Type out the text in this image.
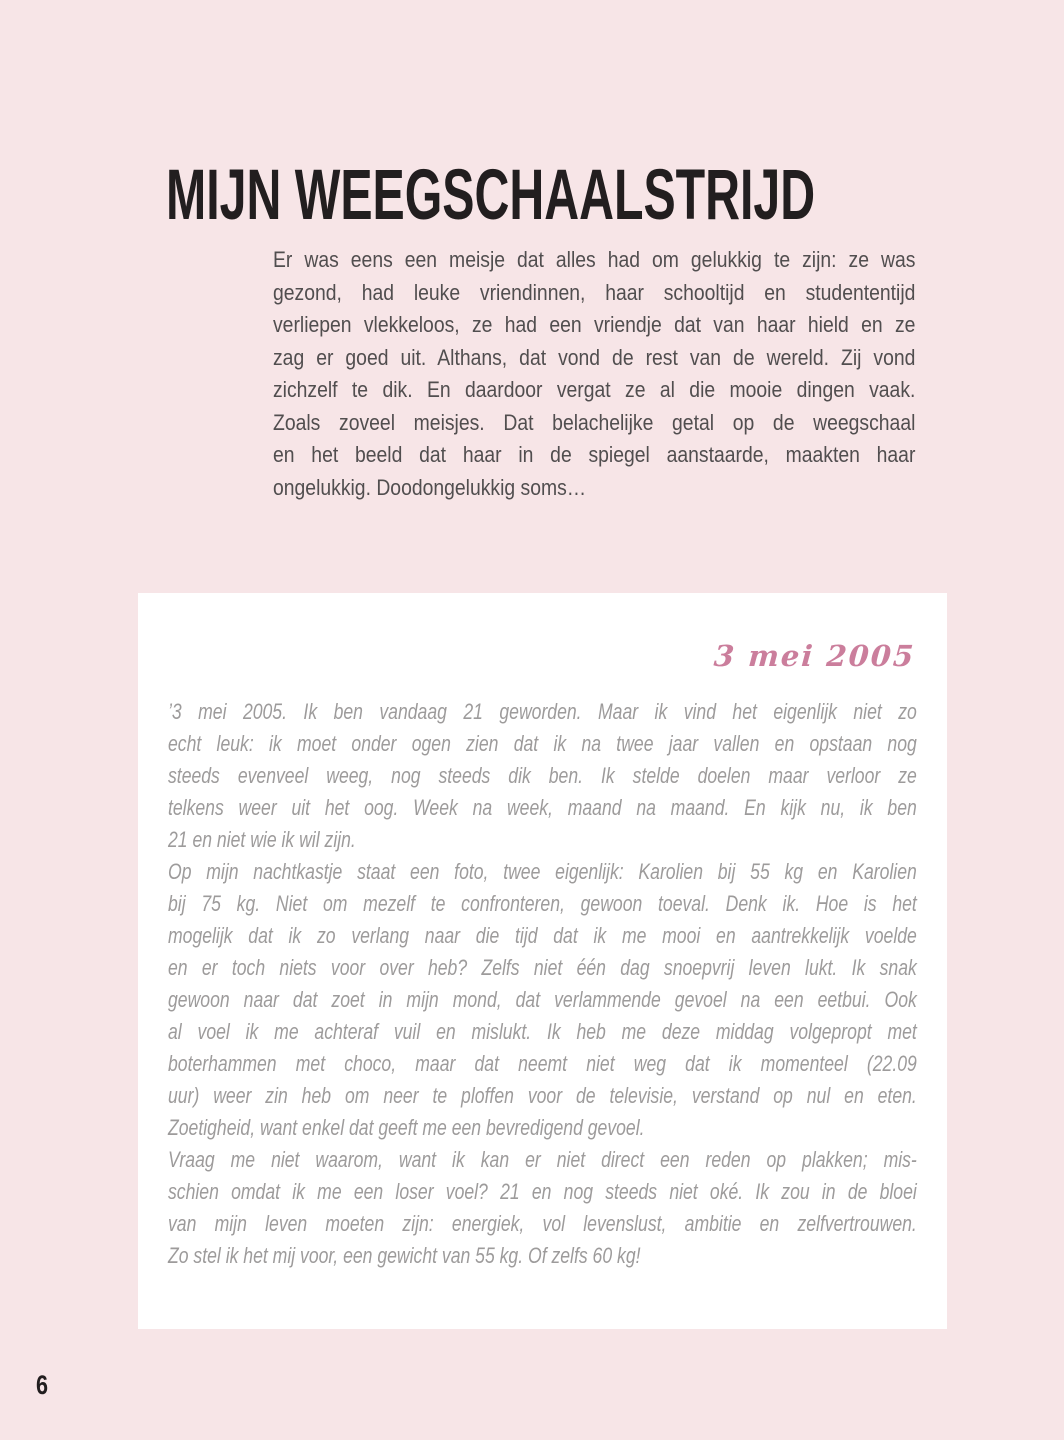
MIJN WEEGSCHAALSTRIJD
Er was eens een meisje dat alles had om gelukkig te zijn: ze was
gezond, had leuke vriendinnen, haar schooltijd en studententijd
verliepen vlekkeloos, ze had een vriendje dat van haar hield en ze
zag er goed uit. Althans, dat vond de rest van de wereld. Zij vond
zichzelf te dik. En daardoor vergat ze al die mooie dingen vaak.
Zoals zoveel meisjes. Dat belachelijke getal op de weegschaal
en het beeld dat haar in de spiegel aanstaarde, maakten haar
ongelukkig. Doodongelukkig soms…
3 mei 2005
’3 mei 2005. Ik ben vandaag 21 geworden. Maar ik vind het eigenlijk niet zo
echt leuk: ik moet onder ogen zien dat ik na twee jaar vallen en opstaan nog
steeds evenveel weeg, nog steeds dik ben. Ik stelde doelen maar verloor ze
telkens weer uit het oog. Week na week, maand na maand. En kijk nu, ik ben
21 en niet wie ik wil zijn.
Op mijn nachtkastje staat een foto, twee eigenlijk: Karolien bij 55 kg en Karolien
bij 75 kg. Niet om mezelf te confronteren, gewoon toeval. Denk ik. Hoe is het
mogelijk dat ik zo verlang naar die tijd dat ik me mooi en aantrekkelijk voelde
en er toch niets voor over heb? Zelfs niet één dag snoepvrij leven lukt. Ik snak
gewoon naar dat zoet in mijn mond, dat verlammende gevoel na een eetbui. Ook
al voel ik me achteraf vuil en mislukt. Ik heb me deze middag volgepropt met
boterhammen met choco, maar dat neemt niet weg dat ik momenteel (22.09
uur) weer zin heb om neer te ploffen voor de televisie, verstand op nul en eten.
Zoetigheid, want enkel dat geeft me een bevredigend gevoel.
Vraag me niet waarom, want ik kan er niet direct een reden op plakken; mis-
schien omdat ik me een loser voel? 21 en nog steeds niet oké. Ik zou in de bloei
van mijn leven moeten zijn: energiek, vol levenslust, ambitie en zelfvertrouwen.
Zo stel ik het mij voor, een gewicht van 55 kg. Of zelfs 60 kg!
6
